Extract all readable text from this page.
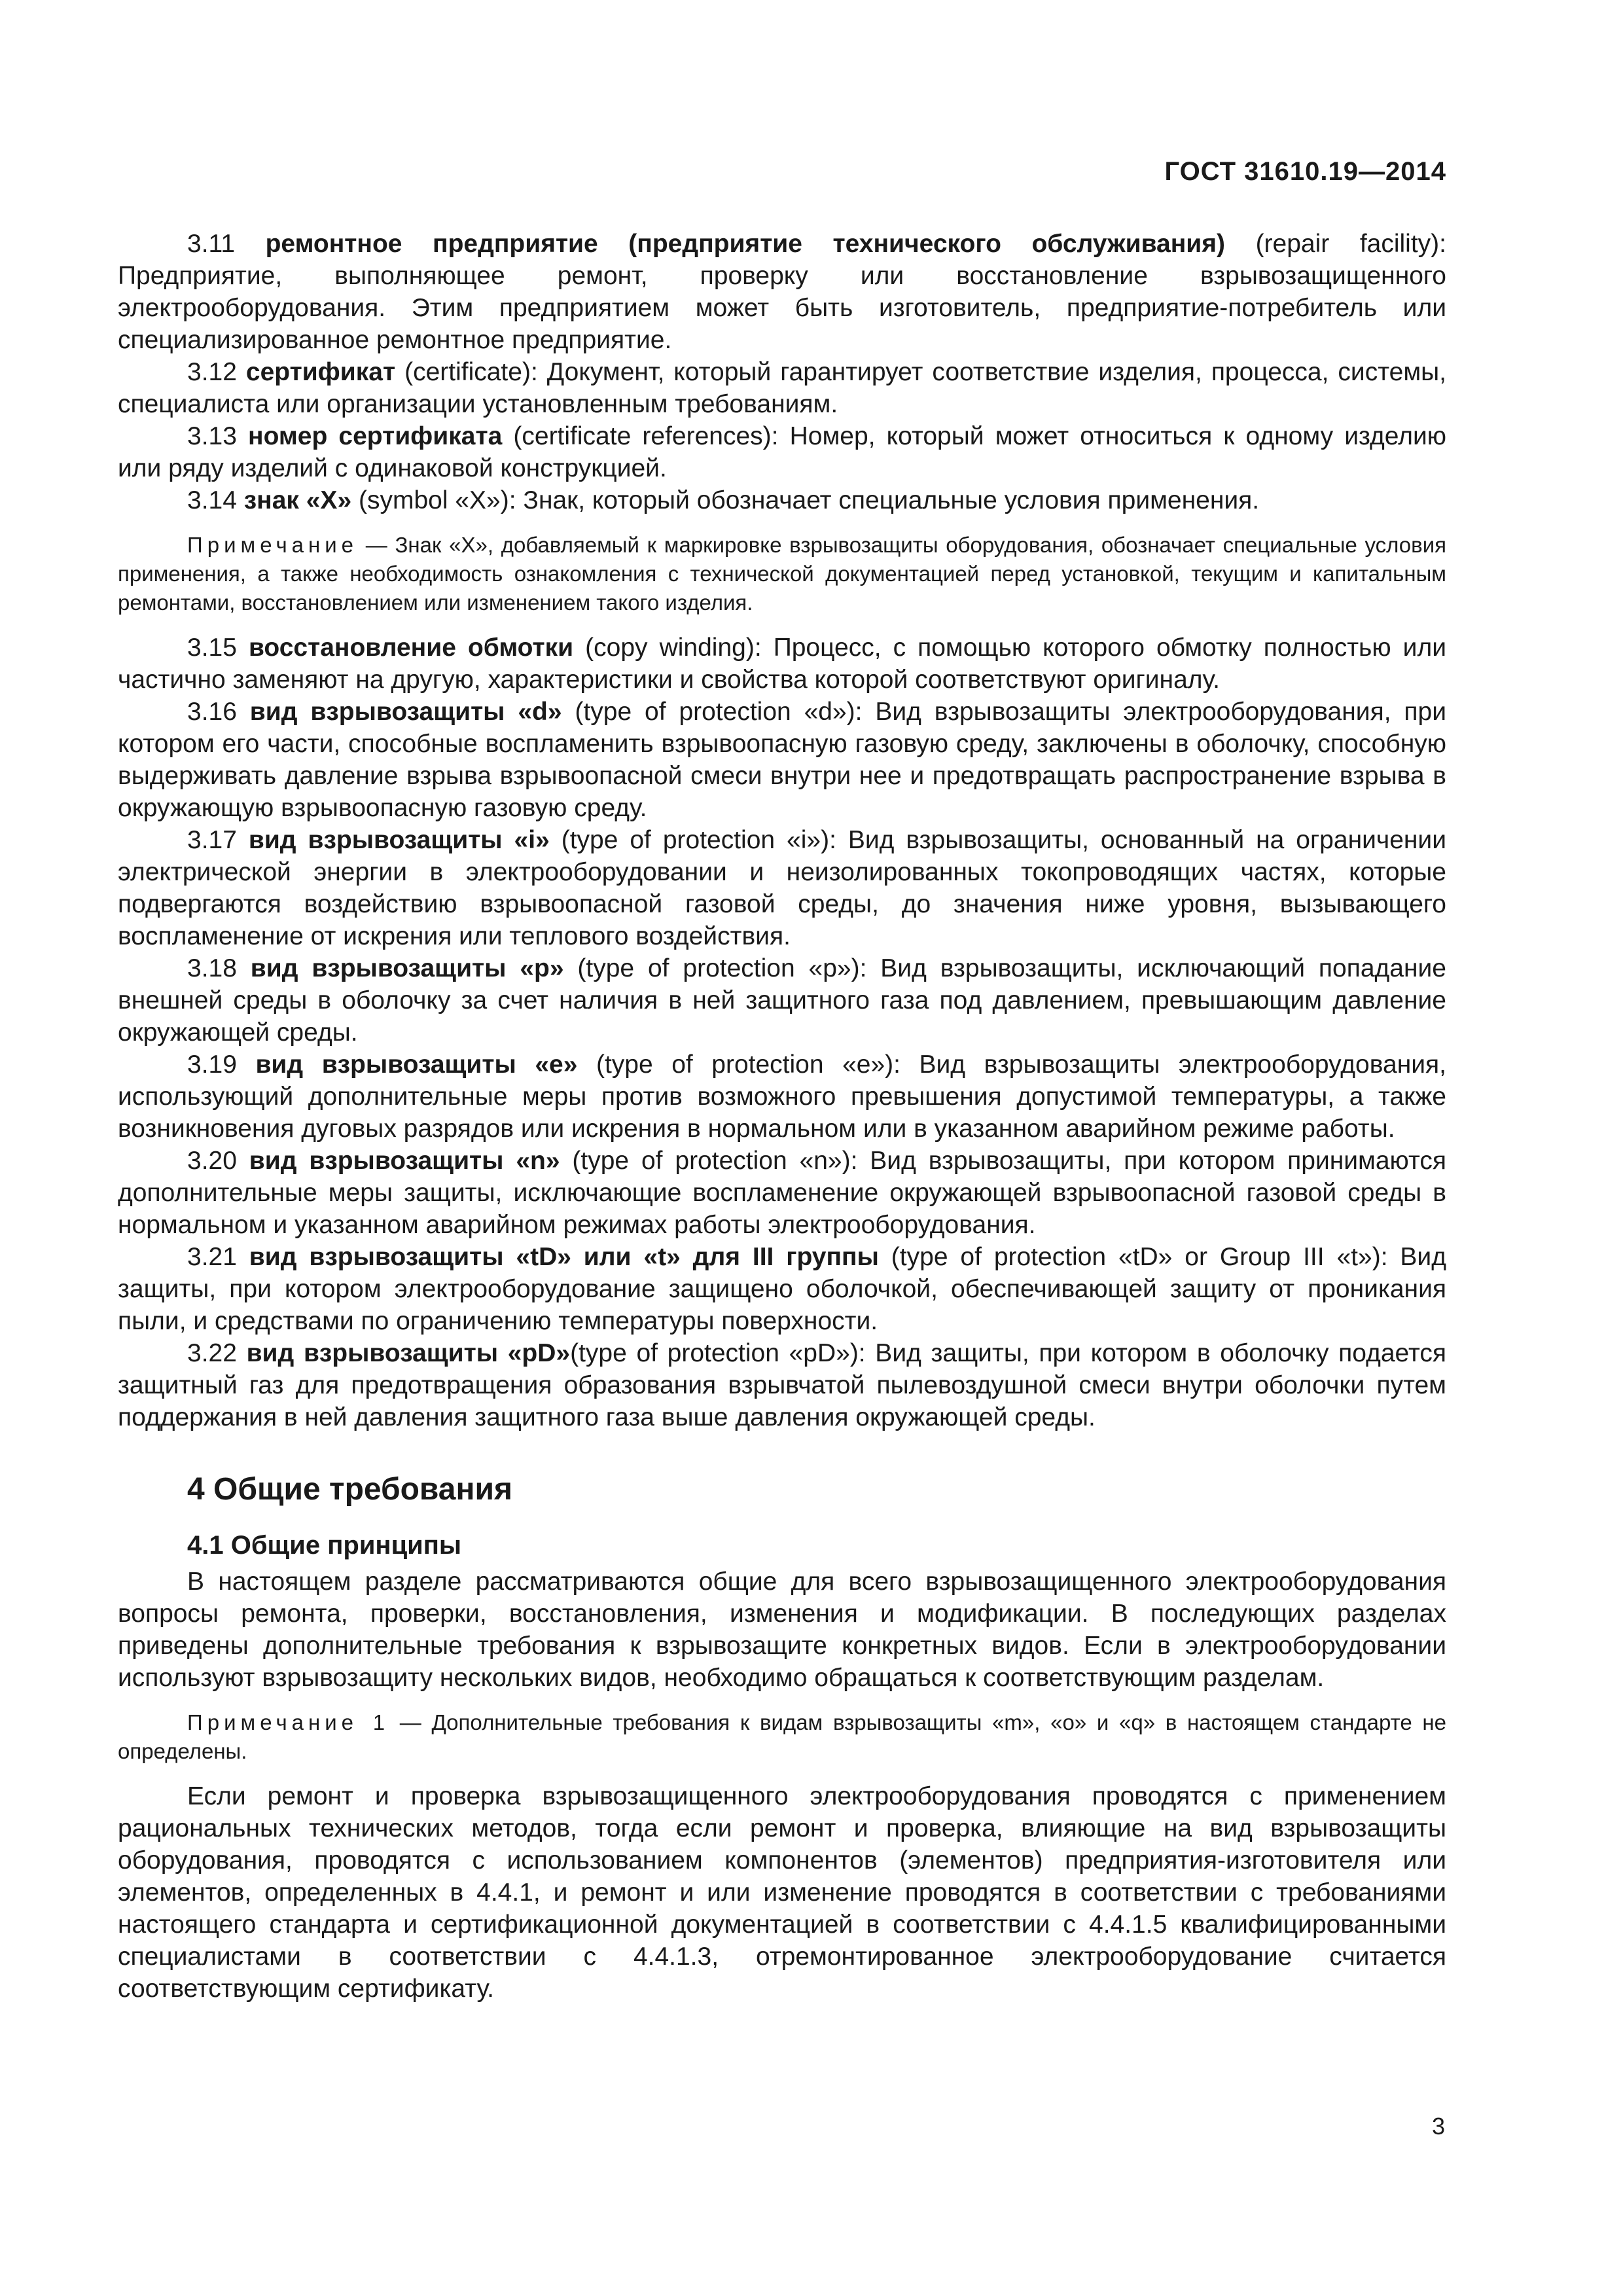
ГОСТ 31610.19—2014

3.11 ремонтное предприятие (предприятие технического обслуживания) (repair facility): Предприятие, выполняющее ремонт, проверку или восстановление взрывозащищенного электрооборудования. Этим предприятием может быть изготовитель, предприятие-потребитель или специализированное ремонтное предприятие.

3.12 сертификат (certificate): Документ, который гарантирует соответствие изделия, процесса, системы, специалиста или организации установленным требованиям.

3.13 номер сертификата (certificate references): Номер, который может относиться к одному изделию или ряду изделий с одинаковой конструкцией.

3.14 знак «X» (symbol «X»): Знак, который обозначает специальные условия применения.

Примечание — Знак «X», добавляемый к маркировке взрывозащиты оборудования, обозначает специальные условия применения, а также необходимость ознакомления с технической документацией перед установкой, текущим и капитальным ремонтами, восстановлением или изменением такого изделия.

3.15 восстановление обмотки (copy winding): Процесс, с помощью которого обмотку полностью или частично заменяют на другую, характеристики и свойства которой соответствуют оригиналу.

3.16 вид взрывозащиты «d» (type of protection «d»): Вид взрывозащиты электрооборудования, при котором его части, способные воспламенить взрывоопасную газовую среду, заключены в оболочку, способную выдерживать давление взрыва взрывоопасной смеси внутри нее и предотвращать распространение взрыва в окружающую взрывоопасную газовую среду.

3.17 вид взрывозащиты «i» (type of protection «i»): Вид взрывозащиты, основанный на ограничении электрической энергии в электрооборудовании и неизолированных токопроводящих частях, которые подвергаются воздействию взрывоопасной газовой среды, до значения ниже уровня, вызывающего воспламенение от искрения или теплового воздействия.

3.18 вид взрывозащиты «p» (type of protection «p»): Вид взрывозащиты, исключающий попадание внешней среды в оболочку за счет наличия в ней защитного газа под давлением, превышающим давление окружающей среды.

3.19 вид взрывозащиты «e» (type of protection «e»): Вид взрывозащиты электрооборудования, использующий дополнительные меры против возможного превышения допустимой температуры, а также возникновения дуговых разрядов или искрения в нормальном или в указанном аварийном режиме работы.

3.20 вид взрывозащиты «n» (type of protection «n»): Вид взрывозащиты, при котором принимаются дополнительные меры защиты, исключающие воспламенение окружающей взрывоопасной газовой среды в нормальном и указанном аварийном режимах работы электрооборудования.

3.21 вид взрывозащиты «tD» или «t» для III группы (type of protection «tD» or Group III «t»): Вид защиты, при котором электрооборудование защищено оболочкой, обеспечивающей защиту от проникания пыли, и средствами по ограничению температуры поверхности.

3.22 вид взрывозащиты «pD»(type of protection «pD»): Вид защиты, при котором в оболочку подается защитный газ для предотвращения образования взрывчатой пылевоздушной смеси внутри оболочки путем поддержания в ней давления защитного газа выше давления окружающей среды.

4 Общие требования
4.1 Общие принципы

В настоящем разделе рассматриваются общие для всего взрывозащищенного электрооборудования вопросы ремонта, проверки, восстановления, изменения и модификации. В последующих разделах приведены дополнительные требования к взрывозащите конкретных видов. Если в электрооборудовании используют взрывозащиту нескольких видов, необходимо обращаться к соответствующим разделам.

Примечание 1 — Дополнительные требования к видам взрывозащиты «m», «o» и «q» в настоящем стандарте не определены.

Если ремонт и проверка взрывозащищенного электрооборудования проводятся с применением рациональных технических методов, тогда если ремонт и проверка, влияющие на вид взрывозащиты оборудования, проводятся с использованием компонентов (элементов) предприятия-изготовителя или элементов, определенных в 4.4.1, и ремонт и или изменение проводятся в соответствии с требованиями настоящего стандарта и сертификационной документацией в соответствии с 4.4.1.5 квалифицированными специалистами в соответствии с 4.4.1.3, отремонтированное электрооборудование считается соответствующим сертификату.

3
